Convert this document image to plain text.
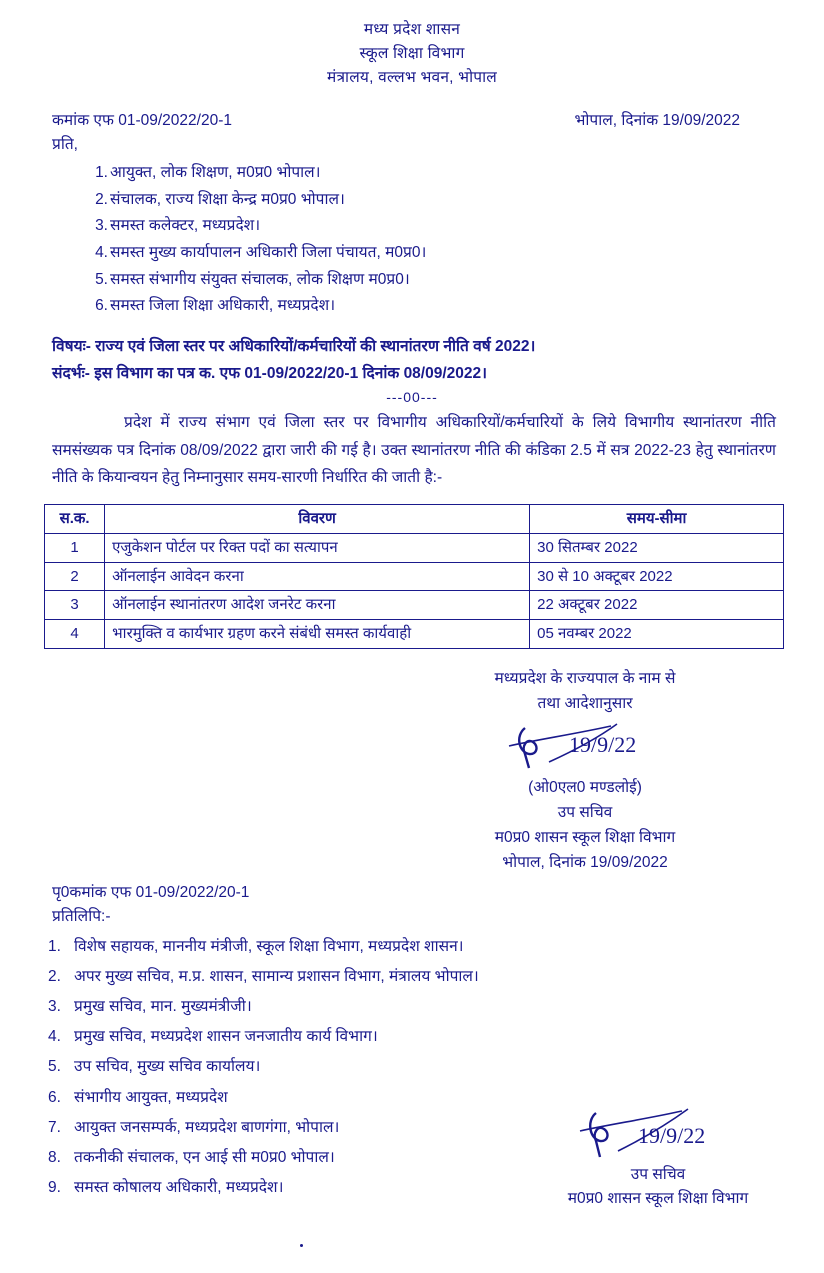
मध्य प्रदेश शासन

स्कूल शिक्षा विभाग

मंत्रालय, वल्लभ भवन, भोपाल

कमांक एफ 01-09/2022/20-1	भोपाल, दिनांक 19/09/2022
प्रति,
1. आयुक्त, लोक शिक्षण, म0प्र0 भोपाल।
2. संचालक, राज्य शिक्षा केन्द्र म0प्र0 भोपाल।
3. समस्त कलेक्टर, मध्यप्रदेश।
4. समस्त मुख्य कार्यापालन अधिकारी जिला पंचायत, म0प्र0।
5. समस्त संभागीय संयुक्त संचालक, लोक शिक्षण म0प्र0।
6. समस्त जिला शिक्षा अधिकारी, मध्यप्रदेश।
विषयः- राज्य एवं जिला स्तर पर अधिकारियों/कर्मचारियों की स्थानांतरण नीति वर्ष 2022।
संदर्भः- इस विभाग का पत्र क. एफ 01-09/2022/20-1 दिनांक 08/09/2022।
---00---

प्रदेश में राज्य संभाग एवं जिला स्तर पर विभागीय अधिकारियों/कर्मचारियों के लिये विभागीय स्थानांतरण नीति समसंख्यक पत्र दिनांक 08/09/2022 द्वारा जारी की गई है। उक्त स्थानांतरण नीति की कंडिका 2.5 में सत्र 2022-23 हेतु स्थानांतरण नीति के कियान्वयन हेतु निम्नानुसार समय-सारणी निर्धारित की जाती है:-

स.क.	विवरण	समय-सीमा
1	एजुकेशन पोर्टल पर रिक्त पदों का सत्यापन	30 सितम्बर 2022
2	ऑनलाईन आवेदन करना	30 से 10 अक्टूबर 2022
3	ऑनलाईन स्थानांतरण आदेश जनरेट करना	22 अक्टूबर 2022
4	भारमुक्ति व कार्यभार ग्रहण करने संबंधी समस्त कार्यवाही	05 नवम्बर 2022
मध्यप्रदेश के राज्यपाल के नाम से
तथा आदेशानुसार
19/9/22
(ओ0एल0 मण्डलोई)
उप सचिव
म0प्र0 शासन स्कूल शिक्षा विभाग
भोपाल, दिनांक 19/09/2022
पृ0कमांक एफ 01-09/2022/20-1
प्रतिलिपि:-
1. विशेष सहायक, माननीय मंत्रीजी, स्कूल शिक्षा विभाग, मध्यप्रदेश शासन।
2. अपर मुख्य सचिव, म.प्र. शासन, सामान्य प्रशासन विभाग, मंत्रालय भोपाल।
3. प्रमुख सचिव, मान. मुख्यमंत्रीजी।
4. प्रमुख सचिव, मध्यप्रदेश शासन जनजातीय कार्य विभाग।
5. उप सचिव, मुख्य सचिव कार्यालय।
6. संभागीय आयुक्त, मध्यप्रदेश
7. आयुक्त जनसम्पर्क, मध्यप्रदेश बाणगंगा, भोपाल।
8. तकनीकी संचालक, एन आई सी म0प्र0 भोपाल।
9. समस्त कोषालय अधिकारी, मध्यप्रदेश।
19/9/22
उप सचिव
म0प्र0 शासन स्कूल शिक्षा विभाग
